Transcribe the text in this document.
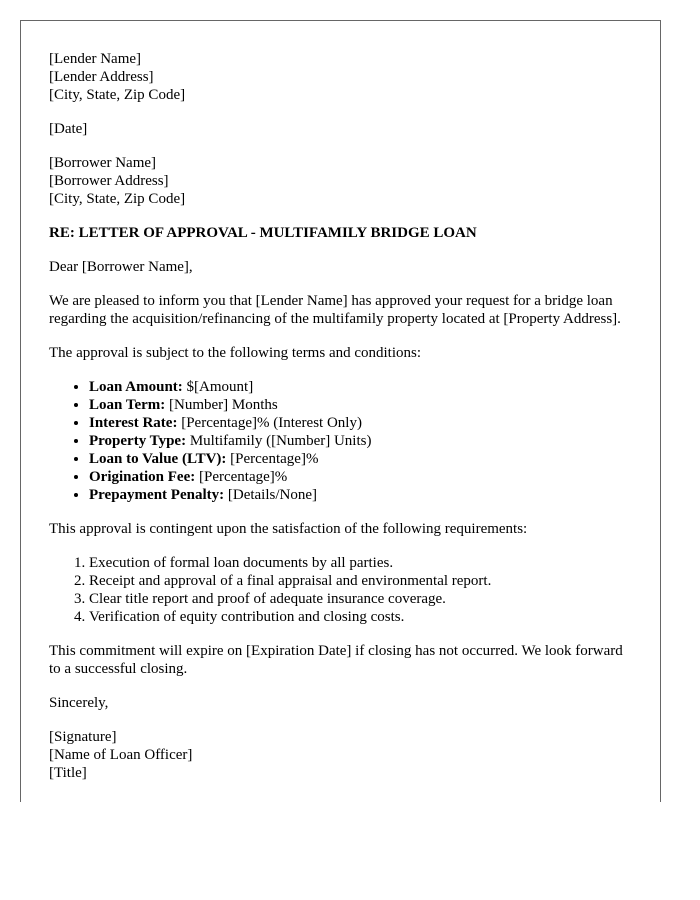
[Lender Name]
[Lender Address]
[City, State, Zip Code]
[Date]
[Borrower Name]
[Borrower Address]
[City, State, Zip Code]
RE: LETTER OF APPROVAL - MULTIFAMILY BRIDGE LOAN

Dear [Borrower Name],

We are pleased to inform you that [Lender Name] has approved your request for a bridge loan regarding the acquisition/refinancing of the multifamily property located at [Property Address].

The approval is subject to the following terms and conditions:

• Loan Amount: $[Amount]
• Loan Term: [Number] Months
• Interest Rate: [Percentage]% (Interest Only)
• Property Type: Multifamily ([Number] Units)
• Loan to Value (LTV): [Percentage]%
• Origination Fee: [Percentage]%
• Prepayment Penalty: [Details/None]

This approval is contingent upon the satisfaction of the following requirements:

1. Execution of formal loan documents by all parties.
2. Receipt and approval of a final appraisal and environmental report.
3. Clear title report and proof of adequate insurance coverage.
4. Verification of equity contribution and closing costs.

This commitment will expire on [Expiration Date] if closing has not occurred. We look forward to a successful closing.

Sincerely,

[Signature]
[Name of Loan Officer]
[Title]
